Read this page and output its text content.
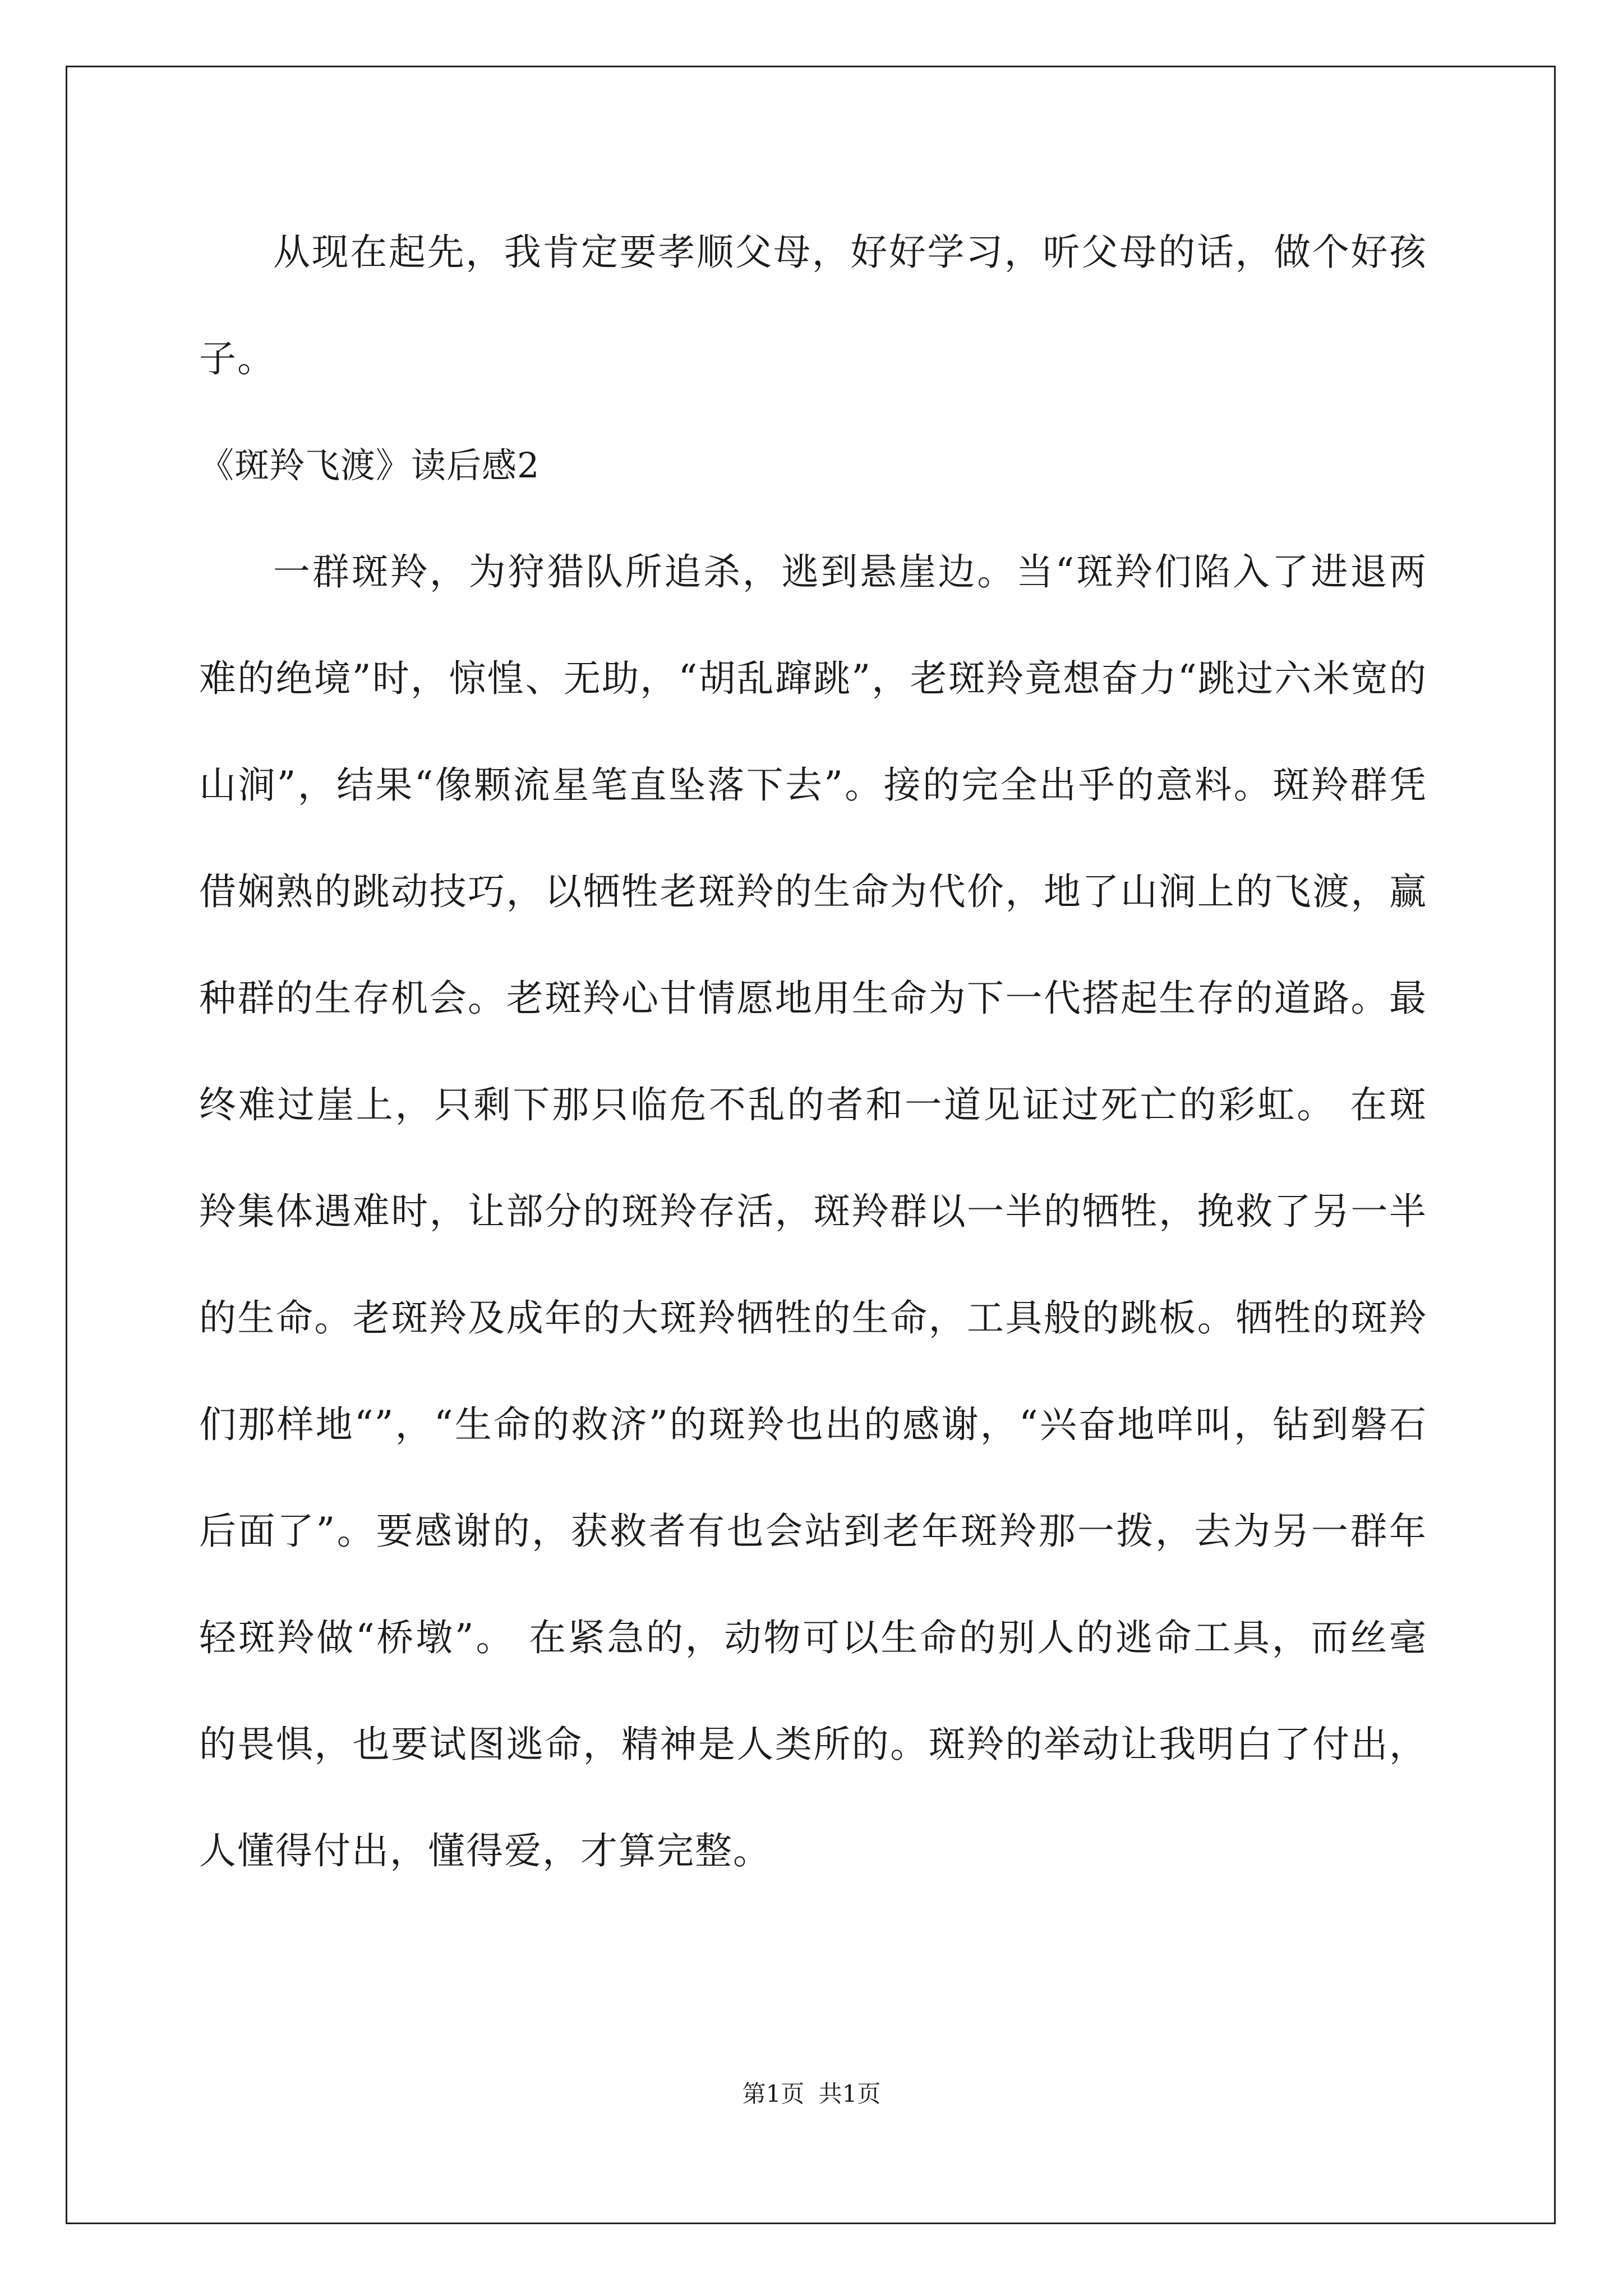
从现在起先，我肯定要孝顺父母，好好学习，听父母的话，做个好孩子。

《斑羚飞渡》读后感2

一群斑羚，为狩猎队所追杀，逃到悬崖边。当“斑羚们陷入了进退两难的绝境”时，惊惶、无助，“胡乱蹿跳”，老斑羚竟想奋力“跳过六米宽的山涧”，结果“像颗流星笔直坠落下去”。接的完全出乎的意料。斑羚群凭借娴熟的跳动技巧，以牺牲老斑羚的生命为代价，地了山涧上的飞渡，赢种群的生存机会。老斑羚心甘情愿地用生命为下一代搭起生存的道路。最终难过崖上，只剩下那只临危不乱的者和一道见证过死亡的彩虹。 在斑羚集体遇难时，让部分的斑羚存活，斑羚群以一半的牺牲，挽救了另一半的生命。老斑羚及成年的大斑羚牺牲的生命，工具般的跳板。牺牲的斑羚们那样地“”，“生命的救济”的斑羚也出的感谢，“兴奋地咩叫，钻到磐石后面了”。要感谢的，获救者有也会站到老年斑羚那一拨，去为另一群年轻斑羚做“桥墩”。 在紧急的，动物可以生命的别人的逃命工具，而丝毫的畏惧，也要试图逃命，精神是人类所的。斑羚的举动让我明白了付出，人懂得付出，懂得爱，才算完整。

第1页 共1页
